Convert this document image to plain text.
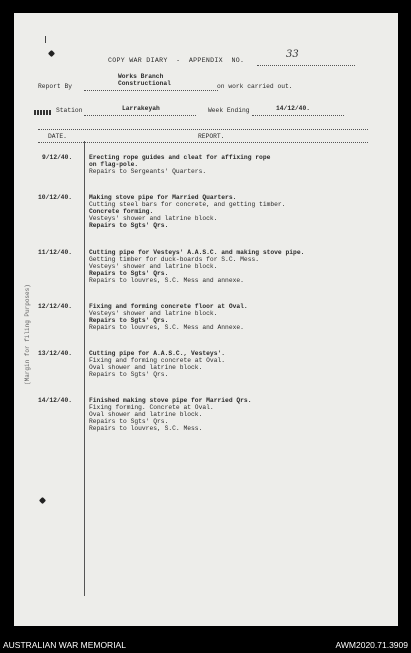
COPY WAR DIARY  -  APPENDIX  NO.
33
Report By
Works Branch
Constructional	on work carried out.
Station	Larrakeyah	Week Ending	14/12/40.
DATE.	REPORT.
9/12/40.	Erecting rope guides and cleat for affixing rope
on flag-pole.
Repairs to Sergeants' Quarters.
10/12/40.	Making stove pipe for Married Quarters.
Cutting steel bars for concrete, and getting timber.
Concrete forming.
Vesteys' shower and latrine block.
Repairs to Sgts' Qrs.
11/12/40.	Cutting pipe for Vesteys' A.A.S.C. and making stove pipe.
Getting timber for duck-boards for S.C. Mess.
Vesteys' shower and latrine block.
Repairs to Sgts' Qrs.
Repairs to louvres, S.C. Mess and annexe.
12/12/40.	Fixing and forming concrete floor at Oval.
Vesteys' shower and latrine block.
Repairs to Sgts' Qrs.
Repairs to louvres, S.C. Mess and Annexe.
13/12/40.	Cutting pipe for A.A.S.C., Vesteys'.
Fixing and forming concrete at Oval.
Oval shower and latrine block.
Repairs to Sgts' Qrs.
14/12/40.	Finished making stove pipe for Married Qrs.
Fixing forming. Concrete at Oval.
Oval shower and latrine block.
Repairs to Sgts' Qrs.
Repairs to louvres, S.C. Mess.
(Margin for filing Purposes)
AUSTRALIAN WAR MEMORIAL	AWM2020.71.3909
